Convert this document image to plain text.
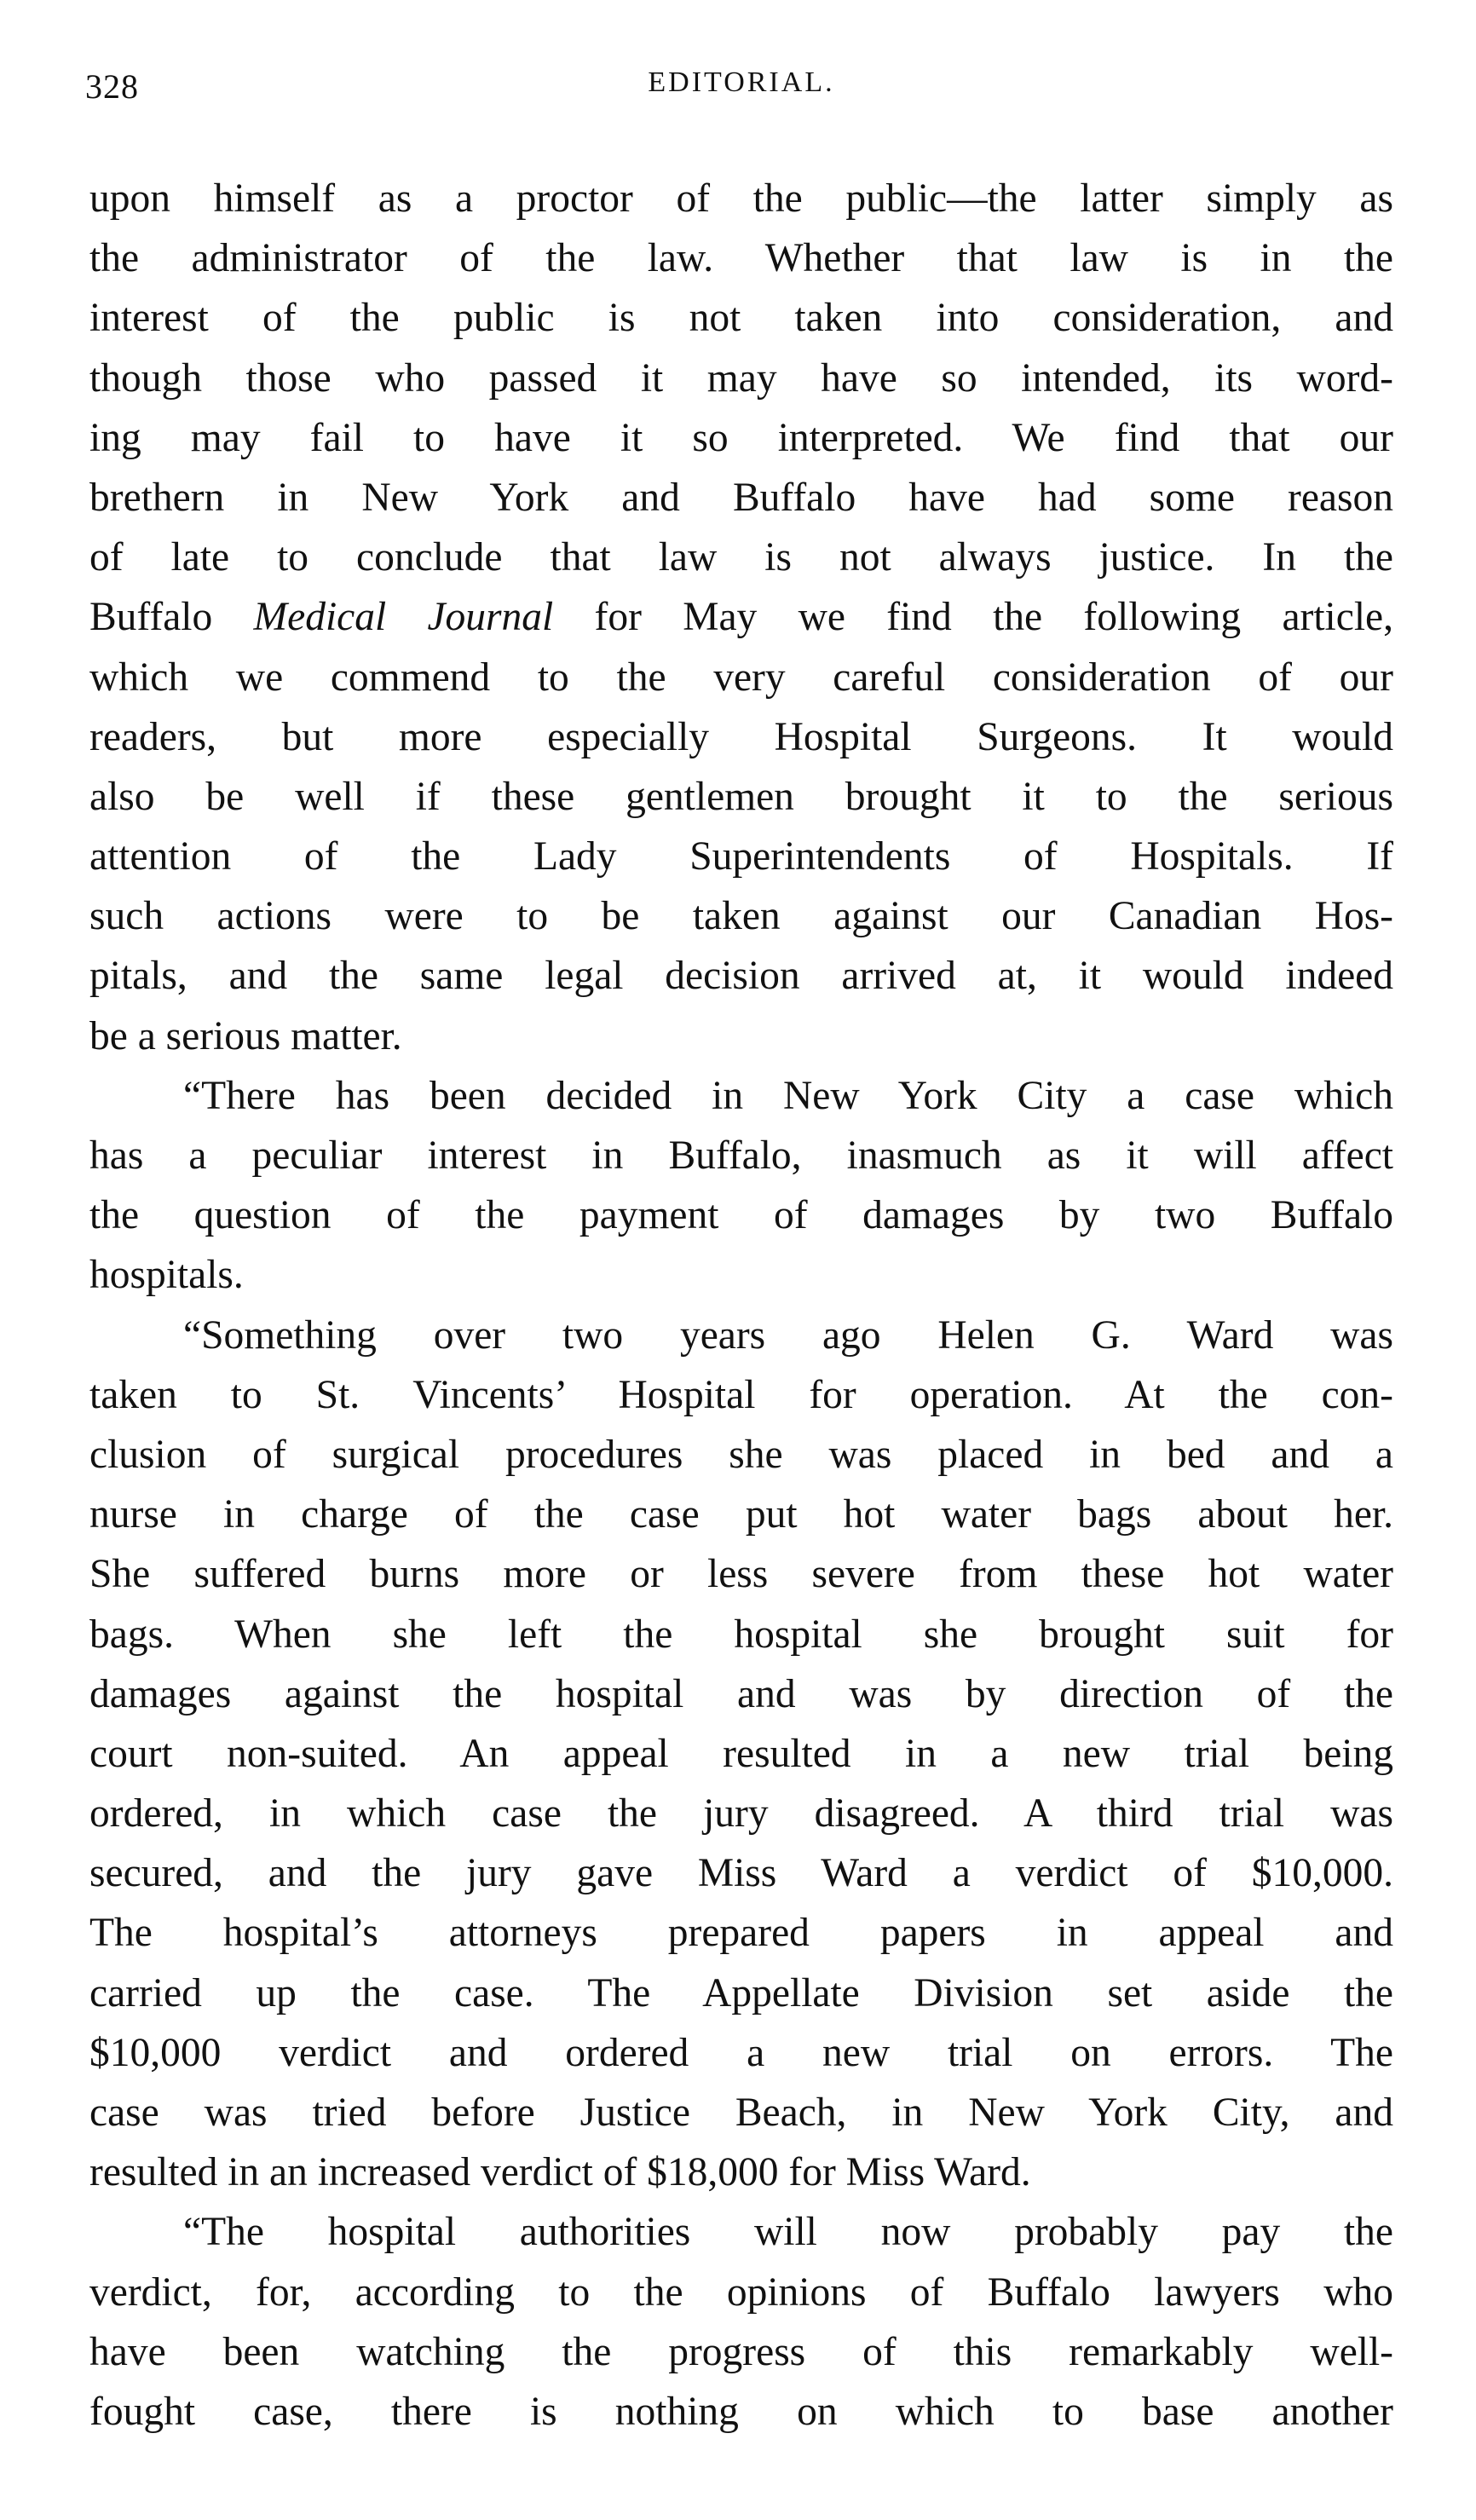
328	EDITORIAL.
upon himself as a proctor of the public—the latter simply as
the administrator of the law. Whether that law is in the
interest of the public is not taken into consideration, and
though those who passed it may have so intended, its word-
ing may fail to have it so interpreted. We find that our
brethern in New York and Buffalo have had some reason
of late to conclude that law is not always justice. In the
Buffalo Medical Journal for May we find the following article,
which we commend to the very careful consideration of our
readers, but more especially Hospital Surgeons. It would
also be well if these gentlemen brought it to the serious
attention of the Lady Superintendents of Hospitals. If
such actions were to be taken against our Canadian Hos-
pitals, and the same legal decision arrived at, it would indeed
be a serious matter.
“There has been decided in New York City a case which
has a peculiar interest in Buffalo, inasmuch as it will affect
the question of the payment of damages by two Buffalo
hospitals.
“Something over two years ago Helen G. Ward was
taken to St. Vincents’ Hospital for operation. At the con-
clusion of surgical procedures she was placed in bed and a
nurse in charge of the case put hot water bags about her.
She suffered burns more or less severe from these hot water
bags. When she left the hospital she brought suit for
damages against the hospital and was by direction of the
court non-suited. An appeal resulted in a new trial being
ordered, in which case the jury disagreed. A third trial was
secured, and the jury gave Miss Ward a verdict of $10,000.
The hospital’s attorneys prepared papers in appeal and
carried up the case. The Appellate Division set aside the
$10,000 verdict and ordered a new trial on errors. The
case was tried before Justice Beach, in New York City, and
resulted in an increased verdict of $18,000 for Miss Ward.
“The hospital authorities will now probably pay the
verdict, for, according to the opinions of Buffalo lawyers who
have been watching the progress of this remarkably well-
fought case, there is nothing on which to base another
